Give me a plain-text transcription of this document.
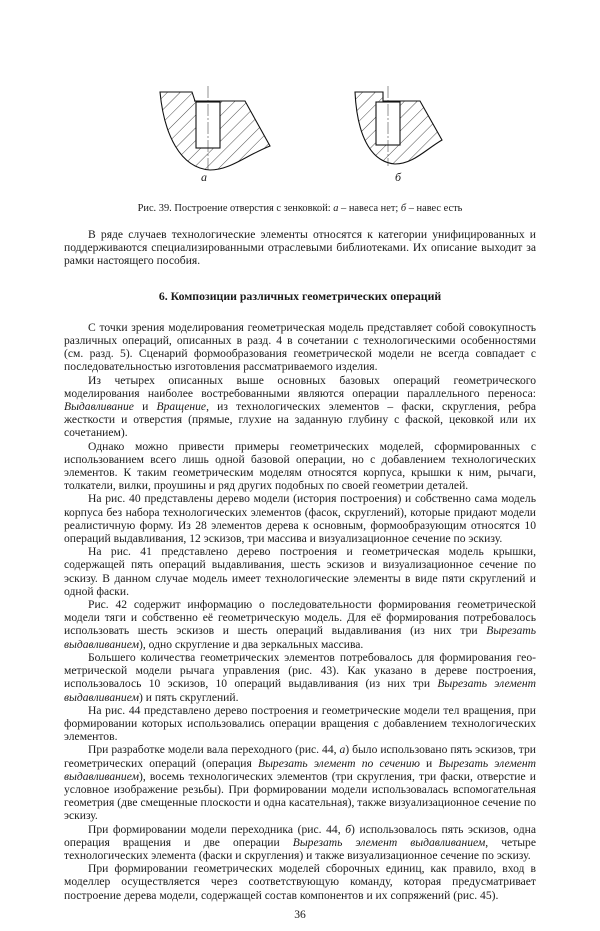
а	б
Рис. 39. Построение отверстия с зенковкой: а – навеса нет; б – навес есть

В ряде случаев технологические элементы относятся к категории унифицированных и поддерживаются специализированными отраслевыми библиотеками. Их описание выходит за рамки настоящего пособия.

6. Композиции различных геометрических операций

С точки зрения моделирования геометрическая модель представляет собой совокупность различных операций, описанных в разд. 4 в сочетании с технологическими особенностями (см. разд. 5). Сценарий формообразования геометрической модели не всегда совпадает с последовательностью изготовления рассматриваемого изделия.

Из четырех описанных выше основных базовых операций геометрического моделирования наиболее востребованными являются операции параллельного переноса: Выдавливание и Вращение, из технологических элементов – фаски, скругления, ребра жесткости и отверстия (прямые, глухие на заданную глубину с фаской, цековкой или их сочетанием).

Однако можно привести примеры геометрических моделей, сформированных с использованием всего лишь одной базовой операции, но с добавлением технологических элементов. К таким геометрическим моделям относятся корпуса, крышки к ним, рычаги, толкатели, вилки, проушины и ряд других подобных по своей геометрии деталей.

На рис. 40 представлены дерево модели (история построения) и собственно сама модель корпуса без набора технологических элементов (фасок, скруглений), которые придают модели реалистичную форму. Из 28 элементов дерева к основным, формообразующим относятся 10 операций выдавливания, 12 эскизов, три массива и визуализационное сечение по эскизу.

На рис. 41 представлено дерево построения и геометрическая модель крышки, содержащей пять операций выдавливания, шесть эскизов и визуализационное сечение по эскизу. В данном случае модель имеет технологические элементы в виде пяти скруглений и одной фаски.

Рис. 42 содержит информацию о последовательности формирования геометрической модели тяги и собственно её геометрическую модель. Для её формирования потребовалось использовать шесть эскизов и шесть операций выдавливания (из них три Вырезать выдавливанием), одно скругление и два зеркальных массива.

Большего количества геометрических элементов потребовалось для формирования геометрической модели рычага управления (рис. 43). Как указано в дереве построения, использовалось 10 эскизов, 10 операций выдавливания (из них три Вырезать элемент выдавливанием) и пять скруглений.

На рис. 44 представлено дерево построения и геометрические модели тел вращения, при формировании которых использовались операции вращения с добавлением технологических элементов.

При разработке модели вала переходного (рис. 44, а) было использовано пять эскизов, три геометрических операций (операция Вырезать элемент по сечению и Вырезать элемент выдавливанием), восемь технологических элементов (три скругления, три фаски, отверстие и условное изображение резьбы). При формировании модели использовалась вспомогательная геометрия (две смещенные плоскости и одна касательная), также визуализационное сечение по эскизу.

При формировании модели переходника (рис. 44, б) использовалось пять эскизов, одна операция вращения и две операции Вырезать элемент выдавливанием, четыре технологических элемента (фаски и скругления) и также визуализационное сечение по эскизу.

При формировании геометрических моделей сборочных единиц, как правило, вход в моделлер осуществляется через соответствующую команду, которая предусматривает построение дерева модели, содержащей состав компонентов и их сопряжений (рис. 45).

36
